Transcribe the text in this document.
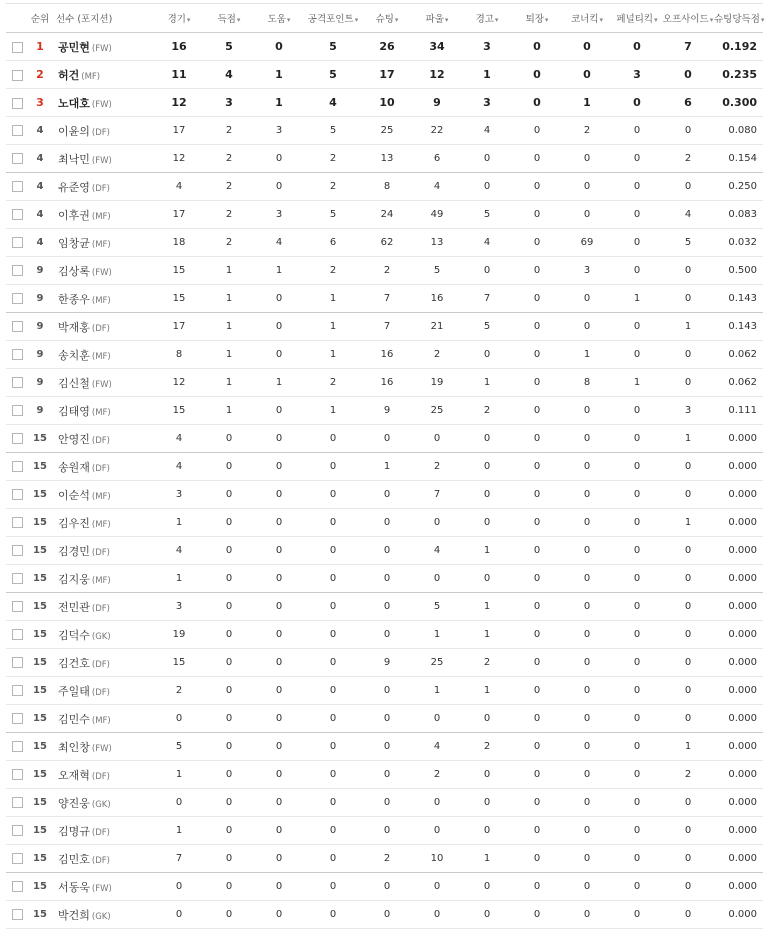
	순위	선수 (포지션)	경기▾	득점▾	도움▾	공격포인트▾	슈팅▾	파울▾	경고▾	퇴장▾	코너킥▾	페널티킥▾	오프사이드▾	슈팅당득점▾
	1	공민현 (FW)	16	5	0	5	26	34	3	0	0	0	7	0.192
	2	허건 (MF)	11	4	1	5	17	12	1	0	0	3	0	0.235
	3	노대호 (FW)	12	3	1	4	10	9	3	0	1	0	6	0.300
	4	이윤의 (DF)	17	2	3	5	25	22	4	0	2	0	0	0.080
	4	최낙민 (FW)	12	2	0	2	13	6	0	0	0	0	2	0.154
	4	유준영 (DF)	4	2	0	2	8	4	0	0	0	0	0	0.250
	4	이후권 (MF)	17	2	3	5	24	49	5	0	0	0	4	0.083
	4	임창균 (MF)	18	2	4	6	62	13	4	0	69	0	5	0.032
	9	김상록 (FW)	15	1	1	2	2	5	0	0	3	0	0	0.500
	9	한종우 (MF)	15	1	0	1	7	16	7	0	0	1	0	0.143
	9	박재홍 (DF)	17	1	0	1	7	21	5	0	0	0	1	0.143
	9	송치훈 (MF)	8	1	0	1	16	2	0	0	1	0	0	0.062
	9	김신철 (FW)	12	1	1	2	16	19	1	0	8	1	0	0.062
	9	김태영 (MF)	15	1	0	1	9	25	2	0	0	0	3	0.111
	15	안영진 (DF)	4	0	0	0	0	0	0	0	0	0	1	0.000
	15	송원재 (DF)	4	0	0	0	1	2	0	0	0	0	0	0.000
	15	이순석 (MF)	3	0	0	0	0	7	0	0	0	0	0	0.000
	15	김우진 (MF)	1	0	0	0	0	0	0	0	0	0	1	0.000
	15	김경민 (DF)	4	0	0	0	0	4	1	0	0	0	0	0.000
	15	김지웅 (MF)	1	0	0	0	0	0	0	0	0	0	0	0.000
	15	전민관 (DF)	3	0	0	0	0	5	1	0	0	0	0	0.000
	15	김덕수 (GK)	19	0	0	0	0	1	1	0	0	0	0	0.000
	15	김건호 (DF)	15	0	0	0	9	25	2	0	0	0	0	0.000
	15	주일태 (DF)	2	0	0	0	0	1	1	0	0	0	0	0.000
	15	김민수 (MF)	0	0	0	0	0	0	0	0	0	0	0	0.000
	15	최인창 (FW)	5	0	0	0	0	4	2	0	0	0	1	0.000
	15	오재혁 (DF)	1	0	0	0	0	2	0	0	0	0	2	0.000
	15	양진웅 (GK)	0	0	0	0	0	0	0	0	0	0	0	0.000
	15	김명규 (DF)	1	0	0	0	0	0	0	0	0	0	0	0.000
	15	김민호 (DF)	7	0	0	0	2	10	1	0	0	0	0	0.000
	15	서동욱 (FW)	0	0	0	0	0	0	0	0	0	0	0	0.000
	15	박건희 (GK)	0	0	0	0	0	0	0	0	0	0	0	0.000
